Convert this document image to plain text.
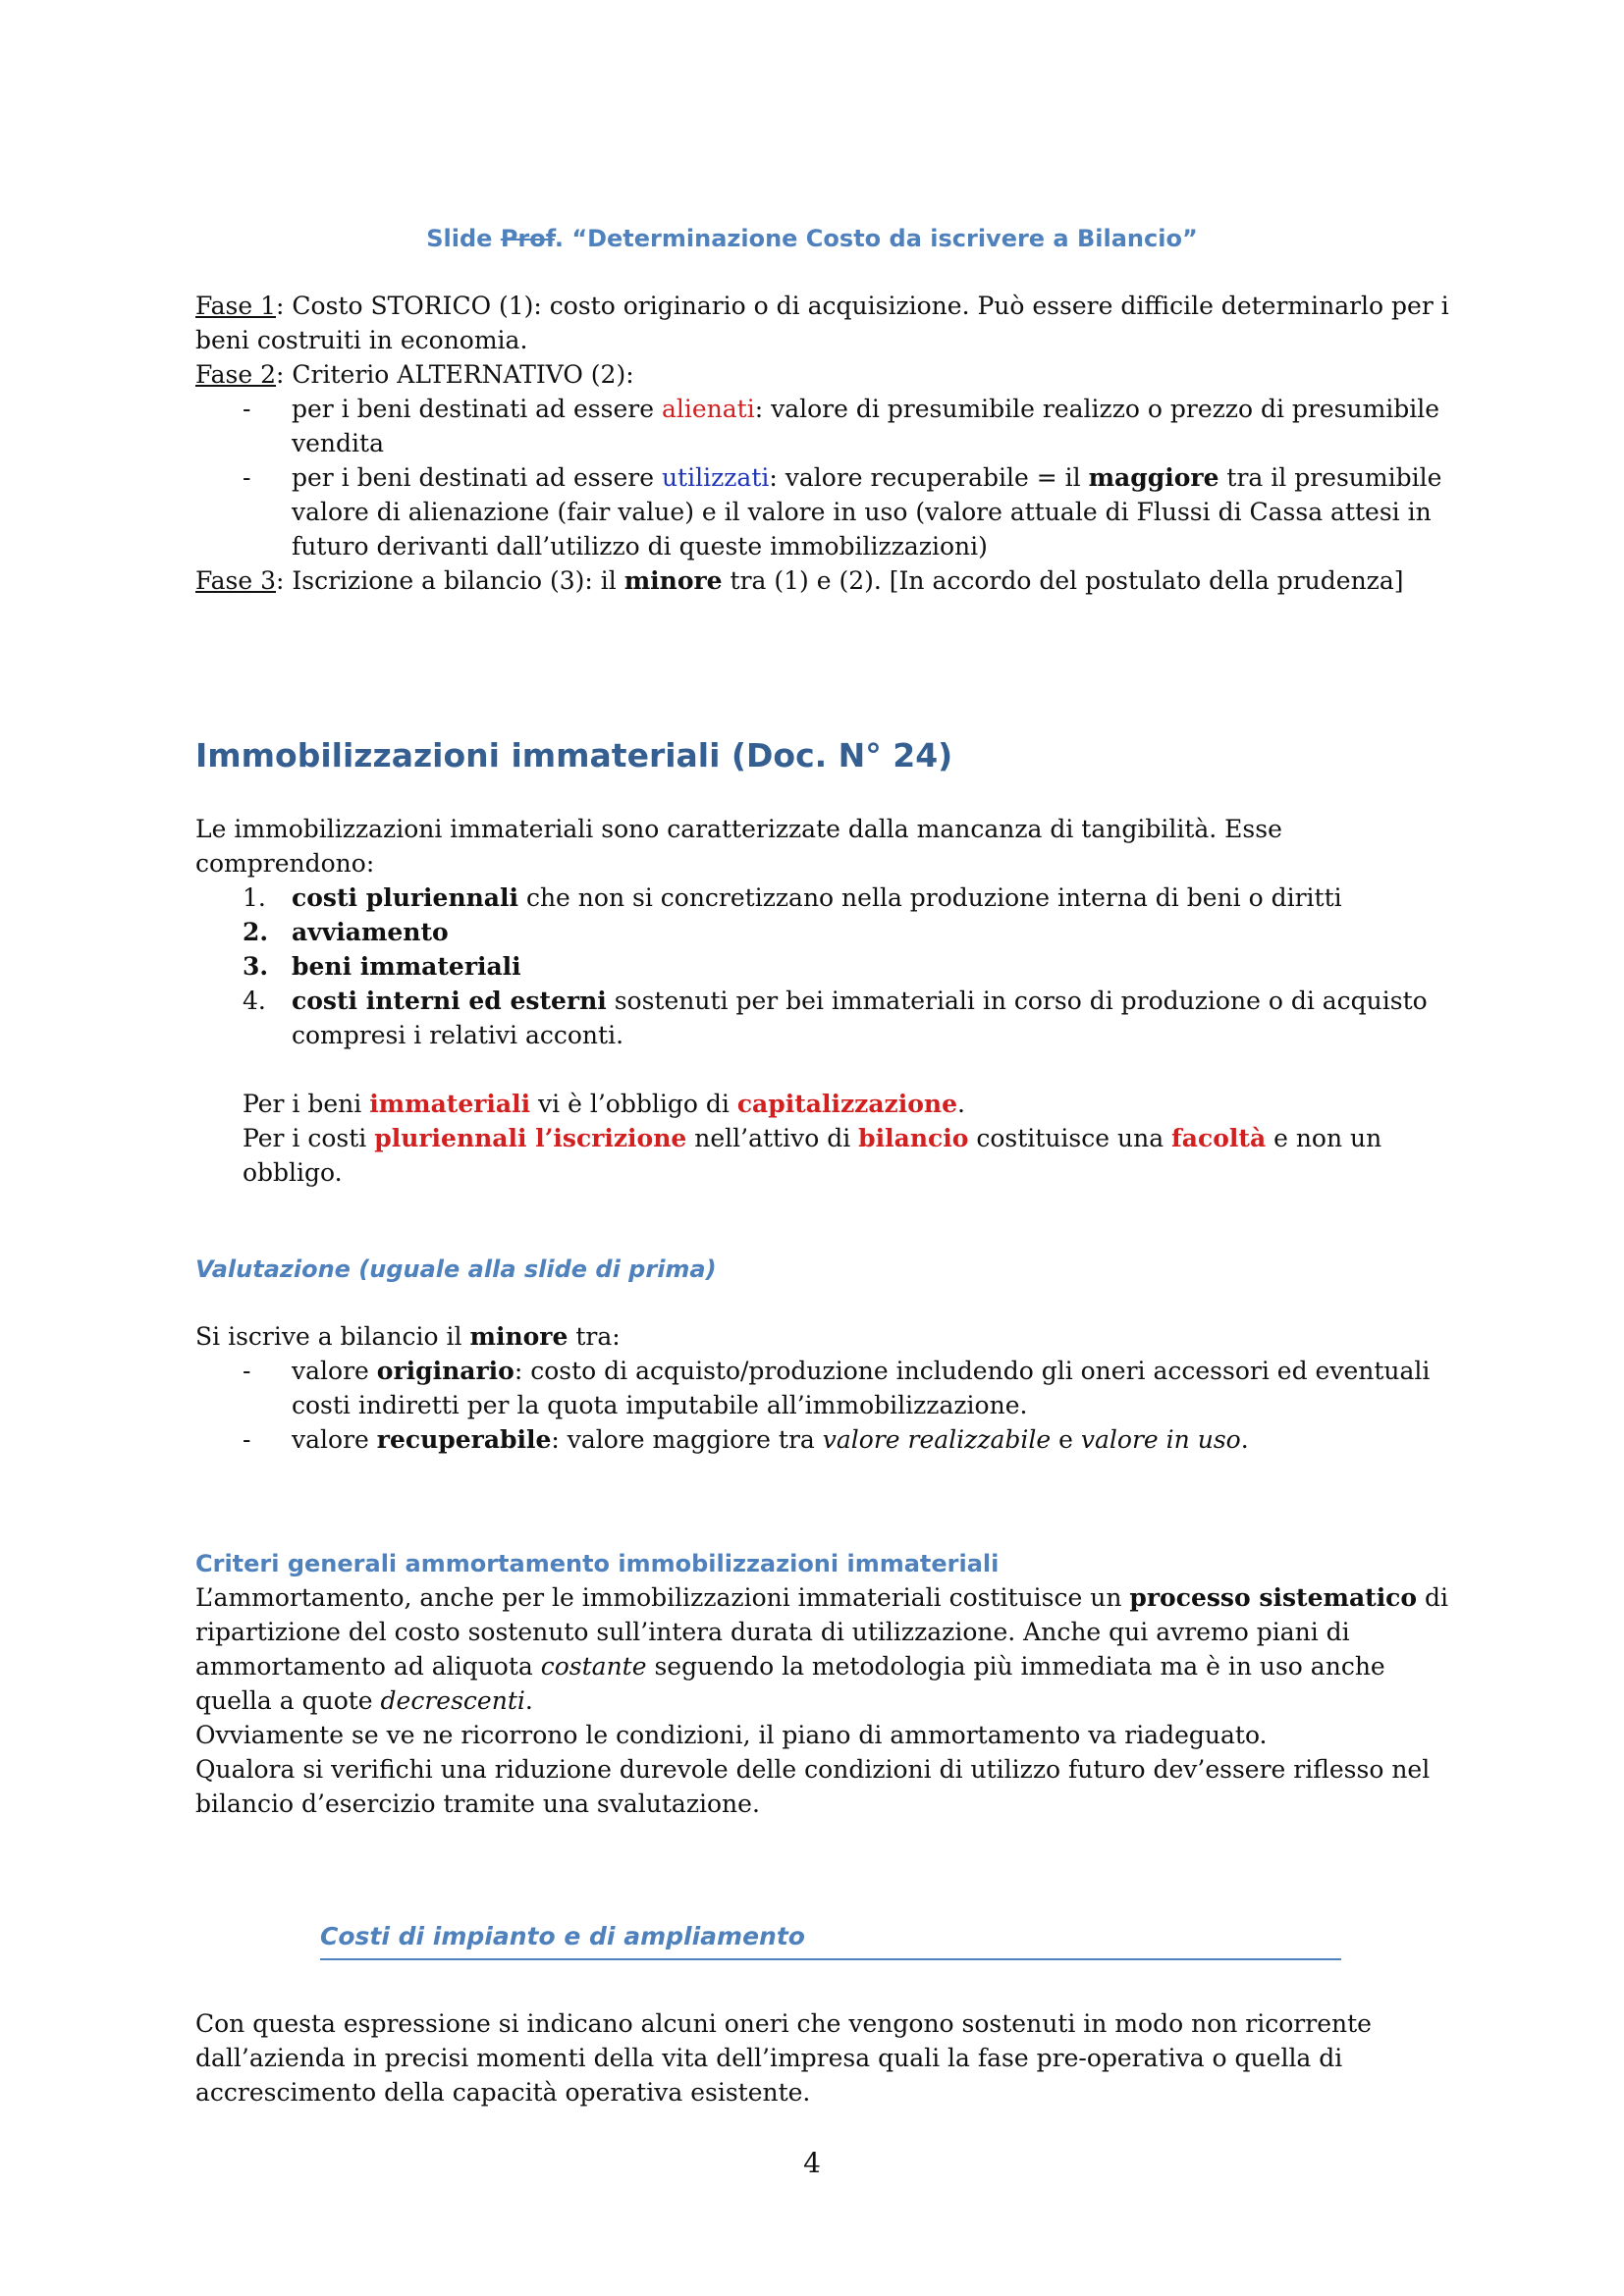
Slide Prof. “Determinazione Costo da iscrivere a Bilancio”
Fase 1: Costo STORICO (1): costo originario o di acquisizione. Può essere difficile determinarlo per i beni costruiti in economia.
Fase 2: Criterio ALTERNATIVO (2):
- per i beni destinati ad essere alienati: valore di presumibile realizzo o prezzo di presumibile vendita
- per i beni destinati ad essere utilizzati: valore recuperabile = il maggiore tra il presumibile valore di alienazione (fair value) e il valore in uso (valore attuale di Flussi di Cassa attesi in futuro derivanti dall’utilizzo di queste immobilizzazioni)
Fase 3: Iscrizione a bilancio (3): il minore tra (1) e (2). [In accordo del postulato della prudenza]
Immobilizzazioni immateriali (Doc. N° 24)
Le immobilizzazioni immateriali sono caratterizzate dalla mancanza di tangibilità. Esse comprendono:
1. costi pluriennali che non si concretizzano nella produzione interna di beni o diritti
2. avviamento
3. beni immateriali
4. costi interni ed esterni sostenuti per bei immateriali in corso di produzione o di acquisto compresi i relativi acconti.
Per i beni immateriali vi è l’obbligo di capitalizzazione.
Per i costi pluriennali l’iscrizione nell’attivo di bilancio costituisce una facoltà e non un obbligo.
Valutazione (uguale alla slide di prima)
Si iscrive a bilancio il minore tra:
- valore originario: costo di acquisto/produzione includendo gli oneri accessori ed eventuali costi indiretti per la quota imputabile all’immobilizzazione.
- valore recuperabile: valore maggiore tra valore realizzabile e valore in uso.
Criteri generali ammortamento immobilizzazioni immateriali
L’ammortamento, anche per le immobilizzazioni immateriali costituisce un processo sistematico di ripartizione del costo sostenuto sull’intera durata di utilizzazione. Anche qui avremo piani di ammortamento ad aliquota costante seguendo la metodologia più immediata ma è in uso anche quella a quote decrescenti.
Ovviamente se ve ne ricorrono le condizioni, il piano di ammortamento va riadeguato.
Qualora si verifichi una riduzione durevole delle condizioni di utilizzo futuro dev’essere riflesso nel bilancio d’esercizio tramite una svalutazione.
Costi di impianto e di ampliamento
Con questa espressione si indicano alcuni oneri che vengono sostenuti in modo non ricorrente dall’azienda in precisi momenti della vita dell’impresa quali la fase pre-operativa o quella di accrescimento della capacità operativa esistente.
4
